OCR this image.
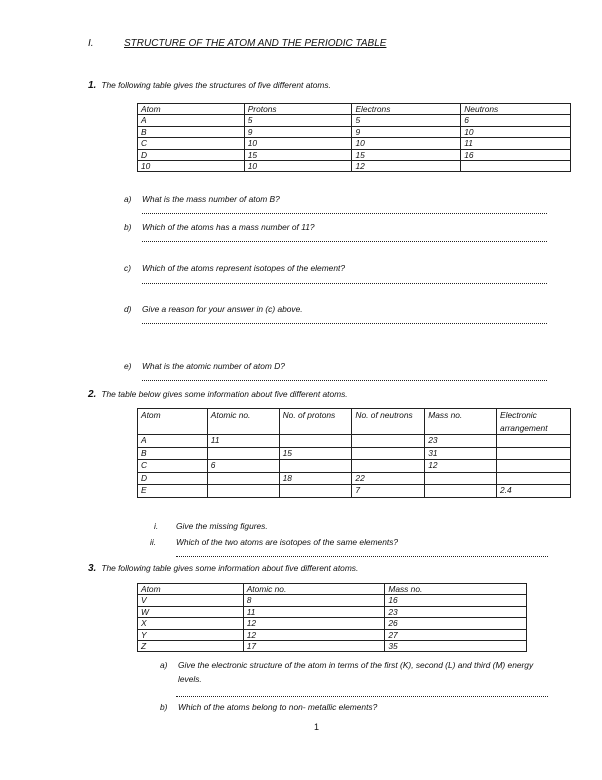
I.	STRUCTURE OF THE ATOM AND THE PERIODIC TABLE
1. The following table gives the structures of five different atoms.
Atom	Protons	Electrons	Neutrons
A	5	5	6
B	9	9	10
C	10	10	11
D	15	15	16
10	10	12	
a) What is the mass number of atom B?
b) Which of the atoms has a mass number of 11?
c) Which of the atoms represent isotopes of the element?
d) Give a reason for your answer in (c) above.
e) What is the atomic number of atom D?
2. The table below gives some information about five different atoms.
Atom	Atomic no.	No. of protons	No. of neutrons	Mass no.	Electronic arrangement
A	11			23	
B		15		31	
C	6			12	
D		18	22		
E			7		2.4
i. Give the missing figures.
ii. Which of the two atoms are isotopes of the same elements?
3. The following table gives some information about five different atoms.
Atom	Atomic no.	Mass no.
V	8	16
W	11	23
X	12	26
Y	12	27
Z	17	35
a) Give the electronic structure of the atom in terms of the first (K), second (L) and third (M) energy
levels.
b) Which of the atoms belong to non- metallic elements?
1
